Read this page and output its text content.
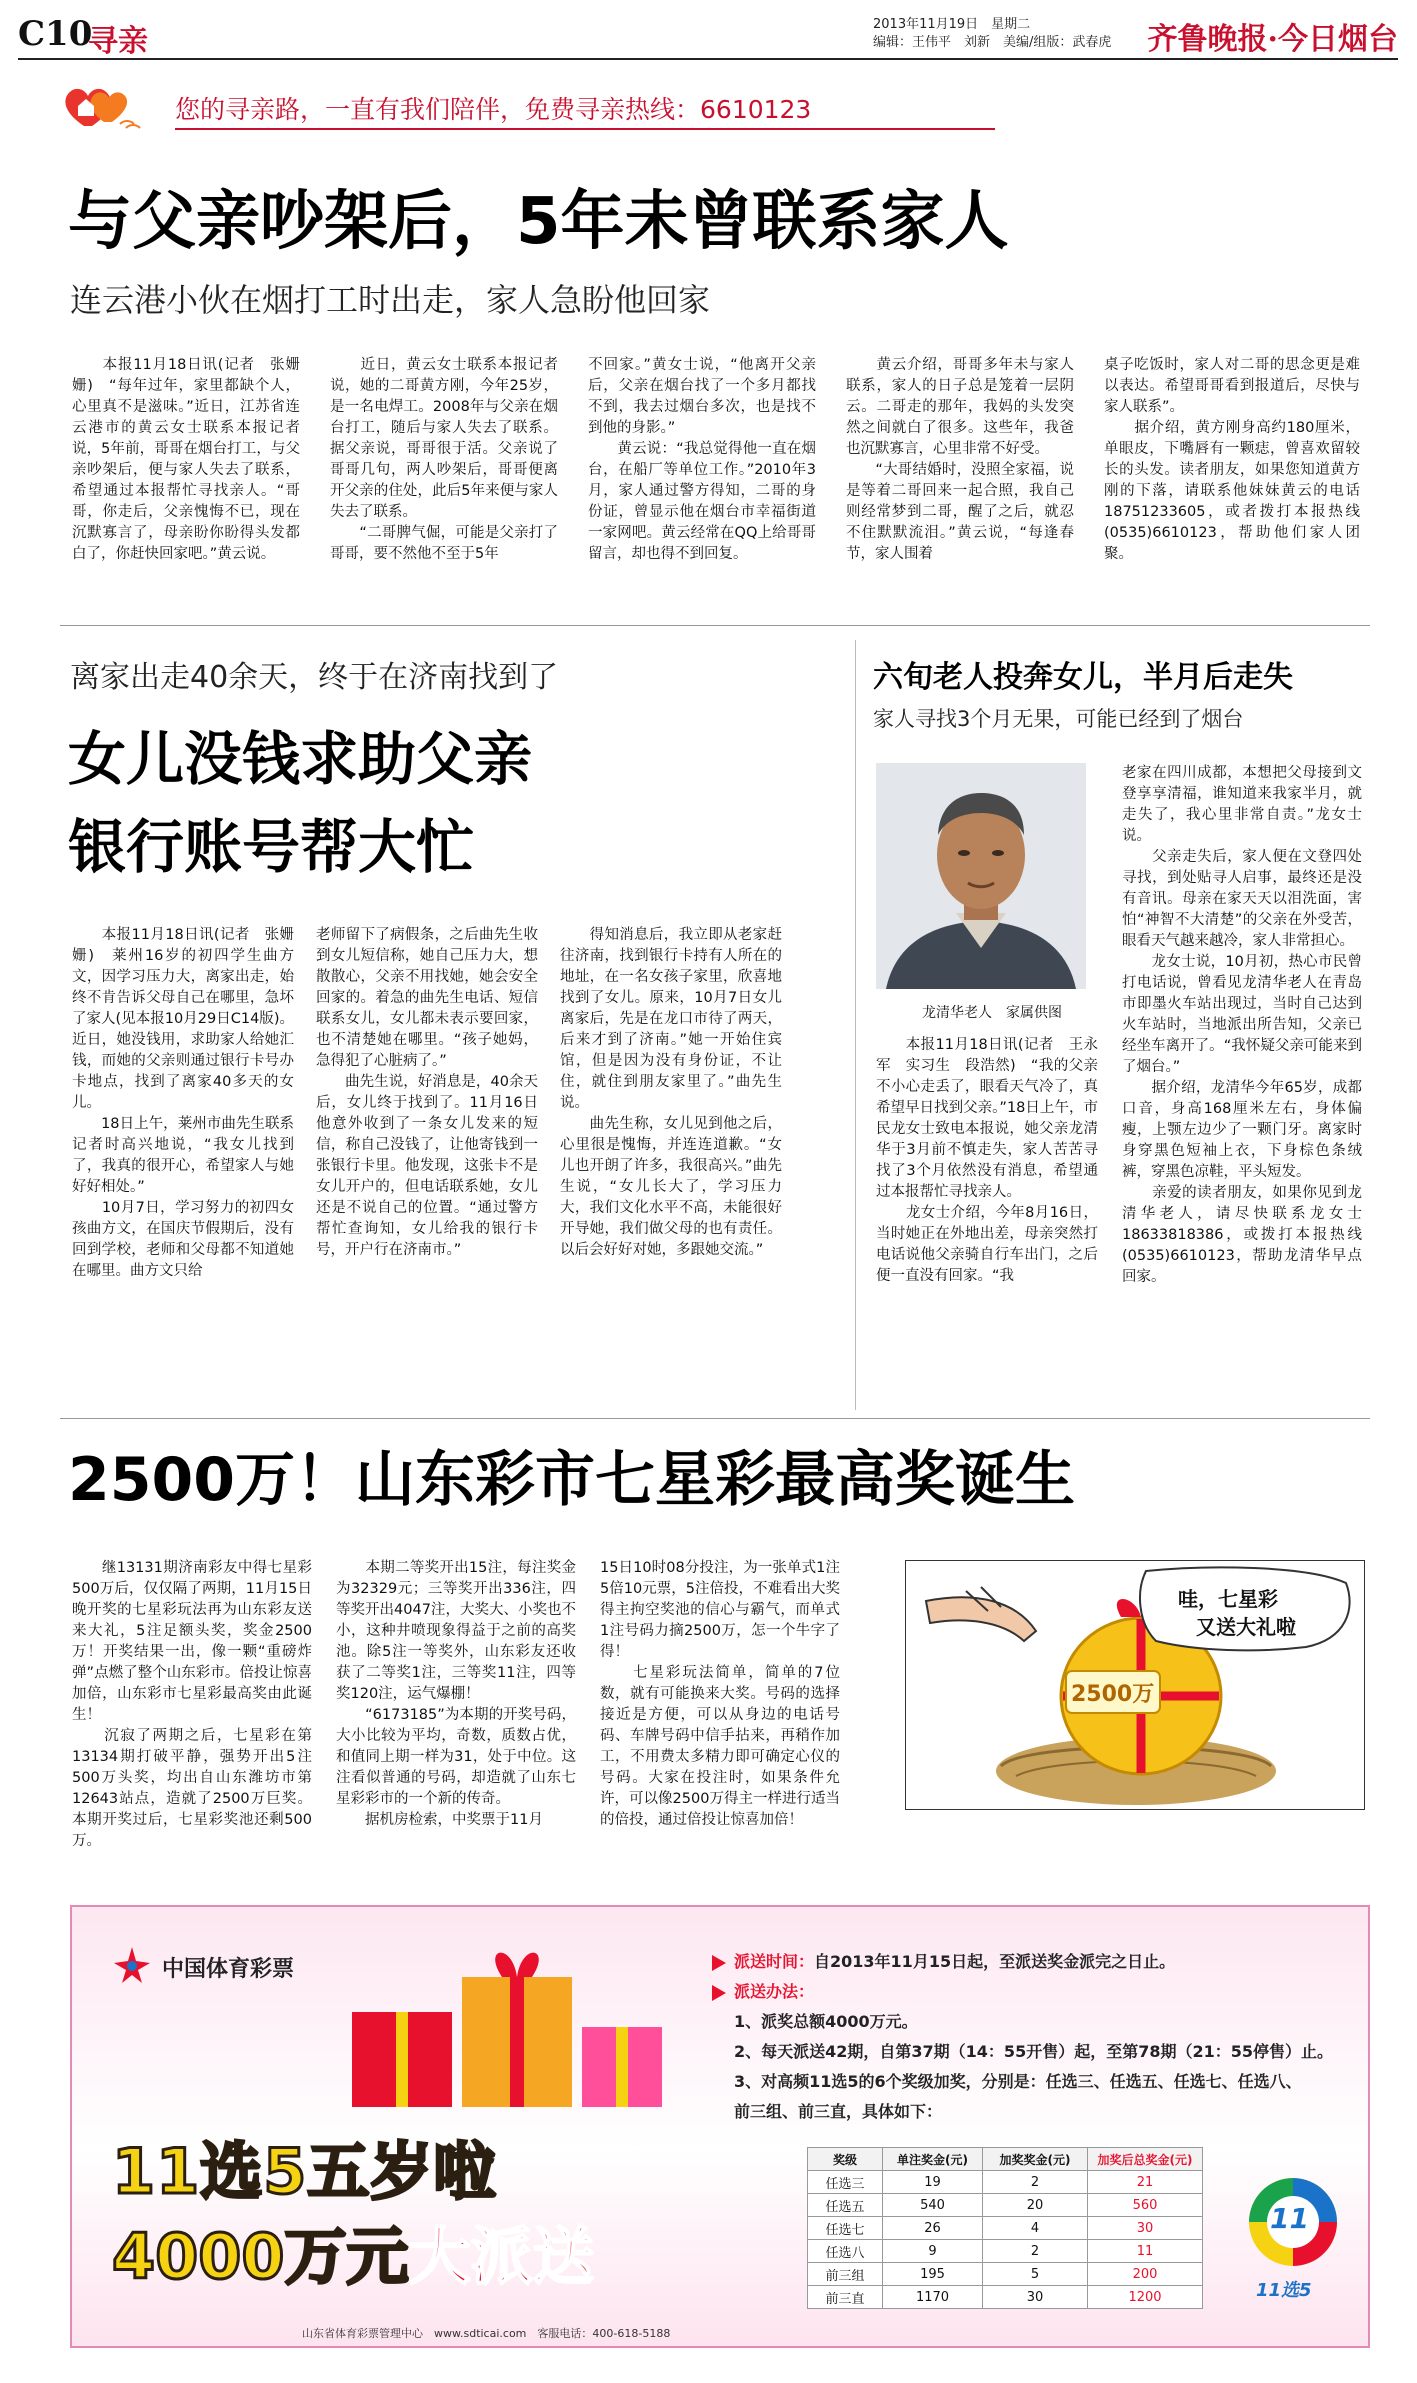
C10
寻亲	2013年11月19日　星期二
编辑：王伟平　刘新　美编/组版：武春虎 齐鲁晚报·今日烟台
您的寻亲路，一直有我们陪伴，免费寻亲热线：6610123
与父亲吵架后，5年未曾联系家人
连云港小伙在烟打工时出走，家人急盼他回家
　　本报11月18日讯(记者　张姗姗)　“每年过年，家里都缺个人，心里真不是滋味。”近日，江苏省连云港市的黄云女士联系本报记者说，5年前，哥哥在烟台打工，与父亲吵架后，便与家人失去了联系，希望通过本报帮忙寻找亲人。“哥哥，你走后，父亲愧悔不已，现在沉默寡言了，母亲盼你盼得头发都白了，你赶快回家吧。”黄云说。
　　近日，黄云女士联系本报记者说，她的二哥黄方刚，今年25岁，是一名电焊工。2008年与父亲在烟台打工，随后与家人失去了联系。据父亲说，哥哥很于活。父亲说了哥哥几句，两人吵架后，哥哥便离开父亲的住处，此后5年来便与家人失去了联系。
　　“二哥脾气倔，可能是父亲打了哥哥，要不然他不至于5年
不回家。”黄女士说，“他离开父亲后，父亲在烟台找了一个多月都找不到，我去过烟台多次，也是找不到他的身影。”
　　黄云说：“我总觉得他一直在烟台，在船厂等单位工作。”2010年3月，家人通过警方得知，二哥的身份证，曾显示他在烟台市幸福街道一家网吧。黄云经常在QQ上给哥哥留言，却也得不到回复。
　　黄云介绍，哥哥多年未与家人联系，家人的日子总是笼着一层阴云。二哥走的那年，我妈的头发突然之间就白了很多。这些年，我爸也沉默寡言，心里非常不好受。
　　“大哥结婚时，没照全家福，说是等着二哥回来一起合照，我自己则经常梦到二哥，醒了之后，就忍不住默默流泪。”黄云说，“每逢春节，家人围着
桌子吃饭时，家人对二哥的思念更是难以表达。希望哥哥看到报道后，尽快与家人联系”。
　　据介绍，黄方刚身高约180厘米，单眼皮，下嘴唇有一颗痣，曾喜欢留较长的头发。读者朋友，如果您知道黄方刚的下落，请联系他妹妹黄云的电话18751233605，或者拨打本报热线(0535)6610123，帮助他们家人团聚。
离家出走40余天，终于在济南找到了
女儿没钱求助父亲
银行账号帮大忙
　　本报11月18日讯(记者　张姗姗)　莱州16岁的初四学生曲方文，因学习压力大，离家出走，始终不肯告诉父母自己在哪里，急坏了家人(见本报10月29日C14版)。近日，她没钱用，求助家人给她汇钱，而她的父亲则通过银行卡号办卡地点，找到了离家40多天的女儿。
　　18日上午，莱州市曲先生联系记者时高兴地说，“我女儿找到了，我真的很开心，希望家人与她好好相处。”
　　10月7日，学习努力的初四女孩曲方文，在国庆节假期后，没有回到学校，老师和父母都不知道她在哪里。曲方文只给
老师留下了病假条，之后曲先生收到女儿短信称，她自己压力大，想散散心，父亲不用找她，她会安全回家的。着急的曲先生电话、短信联系女儿，女儿都未表示要回家，也不清楚她在哪里。“孩子她妈，急得犯了心脏病了。”
　　曲先生说，好消息是，40余天后，女儿终于找到了。11月16日他意外收到了一条女儿发来的短信，称自己没钱了，让他寄钱到一张银行卡里。他发现，这张卡不是女儿开户的，但电话联系她，女儿还是不说自己的位置。“通过警方帮忙查询知，女儿给我的银行卡号，开户行在济南市。”
　　得知消息后，我立即从老家赶往济南，找到银行卡持有人所在的地址，在一名女孩子家里，欣喜地找到了女儿。原来，10月7日女儿离家后，先是在龙口市待了两天，后来才到了济南。”她一开始住宾馆，但是因为没有身份证，不让住，就住到朋友家里了。”曲先生说。
　　曲先生称，女儿见到他之后，心里很是愧悔，并连连道歉。“女儿也开朗了许多，我很高兴。”曲先生说，“女儿长大了，学习压力大，我们文化水平不高，未能很好开导她，我们做父母的也有责任。以后会好好对她，多跟她交流。”
六旬老人投奔女儿，半月后走失
家人寻找3个月无果，可能已经到了烟台
龙清华老人　家属供图
老家在四川成都，本想把父母接到文登享享清福，谁知道来我家半月，就走失了，我心里非常自责。”龙女士说。
　　父亲走失后，家人便在文登四处寻找，到处贴寻人启事，最终还是没有音讯。母亲在家天天以泪洗面，害怕“神智不大清楚”的父亲在外受苦，眼看天气越来越冷，家人非常担心。
　　龙女士说，10月初，热心市民曾打电话说，曾看见龙清华老人在青岛市即墨火车站出现过，当时自己达到火车站时，当地派出所告知，父亲已经坐车离开了。“我怀疑父亲可能来到了烟台。”
　　据介绍，龙清华今年65岁，成都口音，身高168厘米左右，身体偏瘦，上颚左边少了一颗门牙。离家时身穿黑色短袖上衣，下身棕色条绒裤，穿黑色凉鞋，平头短发。
　　亲爱的读者朋友，如果你见到龙清华老人，请尽快联系龙女士18633818386，或拨打本报热线(0535)6610123，帮助龙清华早点回家。
　　本报11月18日讯(记者　王永军　实习生　段浩然)　“我的父亲不小心走丢了，眼看天气冷了，真希望早日找到父亲。”18日上午，市民龙女士致电本报说，她父亲龙清华于3月前不慎走失，家人苦苦寻找了3个月依然没有消息，希望通过本报帮忙寻找亲人。
　　龙女士介绍，今年8月16日，当时她正在外地出差，母亲突然打电话说他父亲骑自行车出门，之后便一直没有回家。“我
2500万！山东彩市七星彩最高奖诞生
　　继13131期济南彩友中得七星彩500万后，仅仅隔了两期，11月15日晚开奖的七星彩玩法再为山东彩友送来大礼，5注足额头奖，奖金2500万！开奖结果一出，像一颗“重磅炸弹”点燃了整个山东彩市。倍投让惊喜加倍，山东彩市七星彩最高奖由此诞生！
　　沉寂了两期之后，七星彩在第13134期打破平静，强势开出5注500万头奖，均出自山东潍坊市第12643站点，造就了2500万巨奖。本期开奖过后，七星彩奖池还剩500万。
　　本期二等奖开出15注，每注奖金为32329元；三等奖开出336注，四等奖开出4047注，大奖大、小奖也不小，这种井喷现象得益于之前的高奖池。除5注一等奖外，山东彩友还收获了二等奖1注，三等奖11注，四等奖120注，运气爆棚！
　　“6173185”为本期的开奖号码，大小比较为平均，奇数，质数占优，和值同上期一样为31，处于中位。这注看似普通的号码，却造就了山东七星彩彩市的一个新的传奇。
　　据机房检索，中奖票于11月
15日10时08分投注，为一张单式1注5倍10元票，5注倍投，不难看出大奖得主拘空奖池的信心与霸气，而单式1注号码力摘2500万，怎一个牛字了得！
　　七星彩玩法简单，简单的7位数，就有可能换来大奖。号码的选择接近是方便，可以从身边的电话号码、车牌号码中信手拈来，再稍作加工，不用费太多精力即可确定心仪的号码。大家在投注时，如果条件允许，可以像2500万得主一样进行适当的倍投，通过倍投让惊喜加倍！
哇，七星彩
又送大礼啦
2500万
中国体育彩票
11选5五岁啦
4000万元大派送
山东省体育彩票管理中心　www.sdticai.com　客服电话：400-618-5188
派送时间：自2013年11月15日起，至派送奖金派完之日止。
派送办法：
1、派奖总额4000万元。
2、每天派送42期，自第37期（14：55开售）起，至第78期（21：55停售）止。
3、对高频11选5的6个奖级加奖，分别是：任选三、任选五、任选七、任选八、
前三组、前三直，具体如下：
奖级	单注奖金(元)	加奖奖金(元)	加奖后总奖金(元)
任选三	19	2	21
任选五	540	20	560
任选七	26	4	30
任选八	9	2	11
前三组	195	5	200
前三直	1170	30	1200
11
11选5
